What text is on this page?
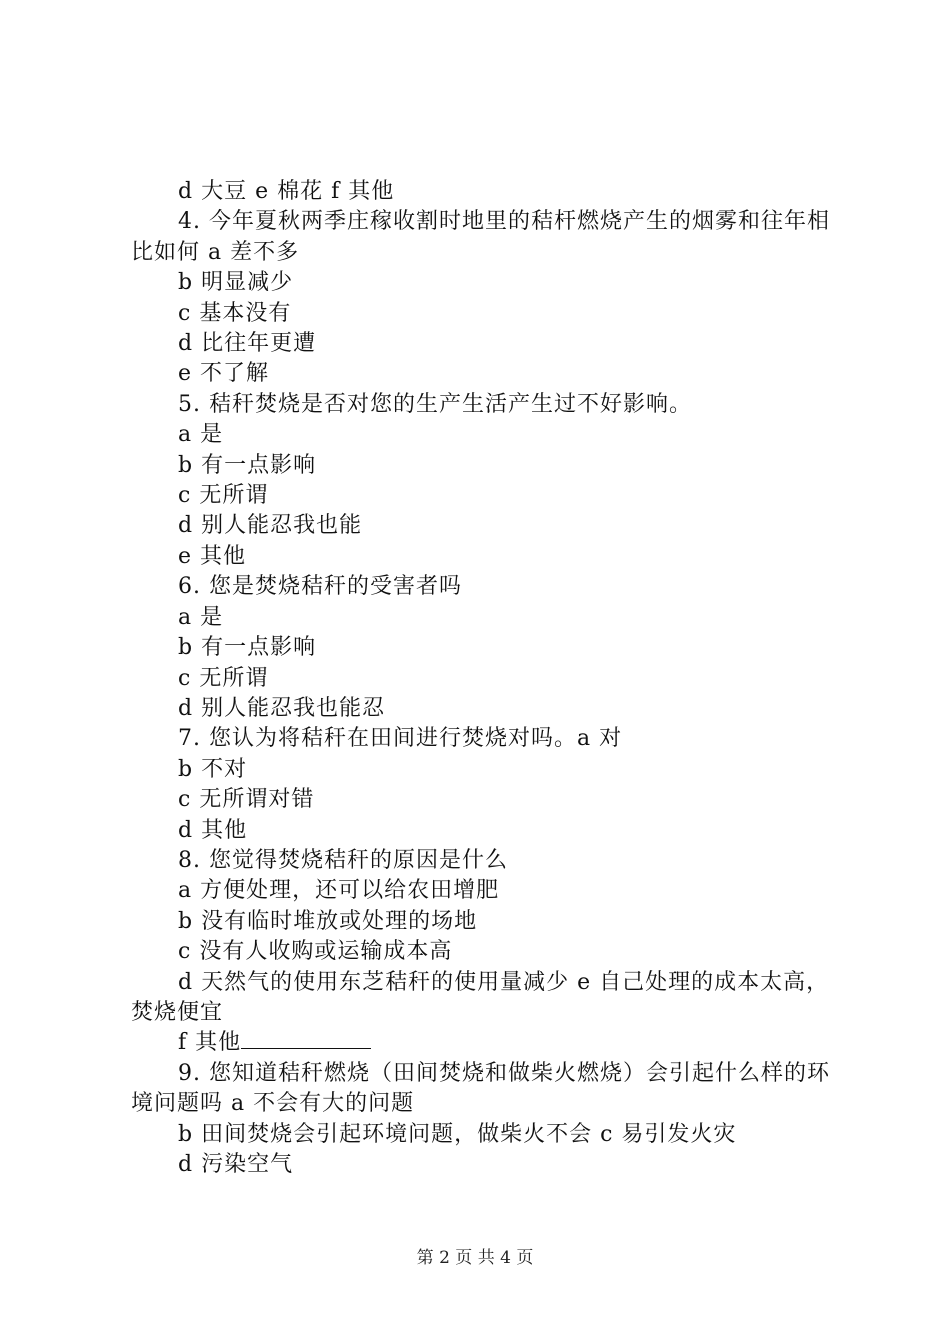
d 大豆 e 棉花 f 其他
4. 今年夏秋两季庄稼收割时地里的秸杆燃烧产生的烟雾和往年相比如何 a 差不多
b 明显减少
c 基本没有
d 比往年更遭
e 不了解
5. 秸秆焚烧是否对您的生产生活产生过不好影响。
a 是
b 有一点影响
c 无所谓
d 别人能忍我也能
e 其他
6. 您是焚烧秸秆的受害者吗
a 是
b 有一点影响
c 无所谓
d 别人能忍我也能忍
7. 您认为将秸秆在田间进行焚烧对吗。a 对
b 不对
c 无所谓对错
d 其他
8. 您觉得焚烧秸秆的原因是什么
a 方便处理，还可以给农田增肥
b 没有临时堆放或处理的场地
c 没有人收购或运输成本高
d 天然气的使用东芝秸秆的使用量减少 e 自己处理的成本太高，焚烧便宜
f 其他
9. 您知道秸秆燃烧（田间焚烧和做柴火燃烧）会引起什么样的环境问题吗 a 不会有大的问题
b 田间焚烧会引起环境问题，做柴火不会 c 易引发火灾
d 污染空气
第 2 页 共 4 页
